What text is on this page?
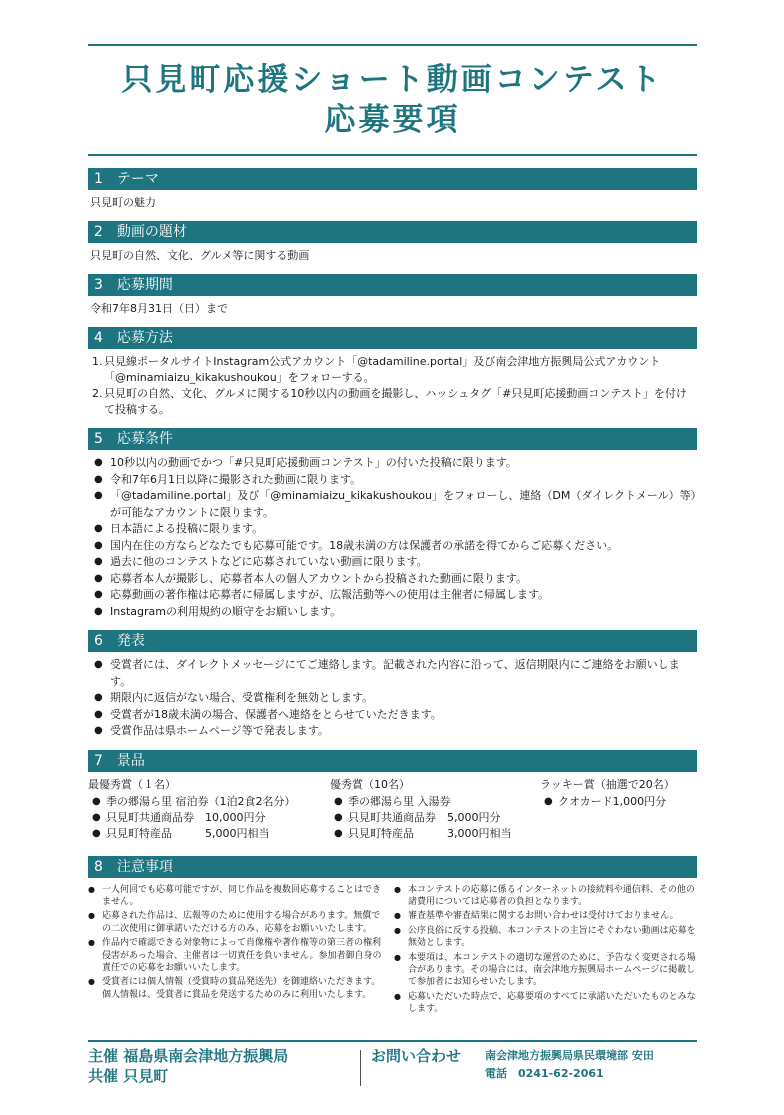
只見町応援ショート動画コンテスト
応募要項
1　テーマ
只見町の魅力
2　動画の題材
只見町の自然、文化、グルメ等に関する動画
3　応募期間
令和7年8月31日（日）まで
4　応募方法
1. 只見線ポータルサイトInstagram公式アカウント「@tadamiline.portal」及び南会津地方振興局公式アカウント「@minamiaizu_kikakushoukou」をフォローする。
2. 只見町の自然、文化、グルメに関する10秒以内の動画を撮影し、ハッシュタグ「#只見町応援動画コンテスト」を付けて投稿する。
5　応募条件
● 10秒以内の動画でかつ「#只見町応援動画コンテスト」の付いた投稿に限ります。
● 令和7年6月1日以降に撮影された動画に限ります。
● 「@tadamiline.portal」及び「@minamiaizu_kikakushoukou」をフォローし、連絡（DM（ダイレクトメール）等）が可能なアカウントに限ります。
● 日本語による投稿に限ります。
● 国内在住の方ならどなたでも応募可能です。18歳未満の方は保護者の承諾を得てからご応募ください。
● 過去に他のコンテストなどに応募されていない動画に限ります。
● 応募者本人が撮影し、応募者本人の個人アカウントから投稿された動画に限ります。
● 応募動画の著作権は応募者に帰属しますが、広報活動等への使用は主催者に帰属します。
● Instagramの利用規約の順守をお願いします。
6　発表
● 受賞者には、ダイレクトメッセージにてご連絡します。記載された内容に沿って、返信期限内にご連絡をお願いします。
● 期限内に返信がない場合、受賞権利を無効とします。
● 受賞者が18歳未満の場合、保護者へ連絡をとらせていただきます。
● 受賞作品は県ホームページ等で発表します。
7　景品
最優秀賞（１名）
● 季の郷湯ら里 宿泊券（1泊2食2名分）
● 只見町共通商品券　10,000円分
● 只見町特産品　　　5,000円相当
優秀賞（10名）
● 季の郷湯ら里 入湯券
● 只見町共通商品券　5,000円分
● 只見町特産品　　　3,000円相当
ラッキー賞（抽選で20名）
● クオカード1,000円分
8　注意事項
● 一人何回でも応募可能ですが、同じ作品を複数回応募することはできません。
● 応募された作品は、広報等のために使用する場合があります。無償での二次使用に御承諾いただける方のみ、応募をお願いいたします。
● 作品内で確認できる対象物によって肖像権や著作権等の第三者の権利侵害があった場合、主催者は一切責任を負いません。参加者御自身の責任での応募をお願いいたします。
● 受賞者には個人情報（受賞時の賞品発送先）を御連絡いただきます。個人情報は、受賞者に賞品を発送するためのみに利用いたします。
● 本コンテストの応募に係るインターネットの接続料や通信料、その他の諸費用については応募者の負担となります。
● 審査基準や審査結果に関するお問い合わせは受付けておりません。
● 公序良俗に反する投稿、本コンテストの主旨にそぐわない動画は応募を無効とします。
● 本要項は、本コンテストの適切な運営のために、予告なく変更される場合があります。その場合には、南会津地方振興局ホームページに掲載して参加者にお知らせいたします。
● 応募いただいた時点で、応募要項のすべてに承諾いただいたものとみなします。
主催 福島県南会津地方振興局
共催 只見町
お問い合わせ 南会津地方振興局県民環境部 安田
電話　0241-62-2061
